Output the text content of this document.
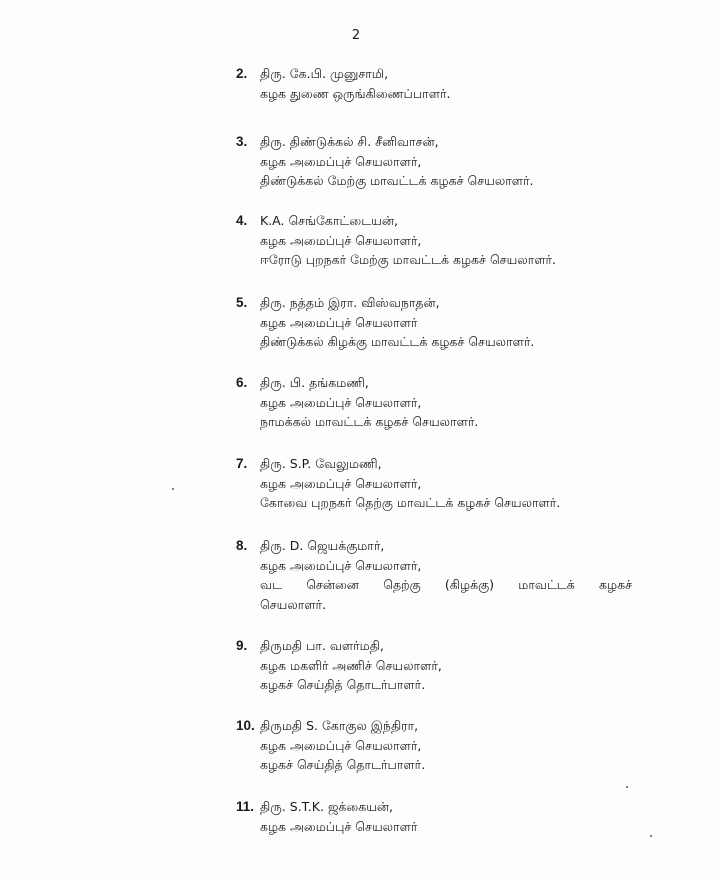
2
2. திரு. கே.பி. முனுசாமி,
கழக துணை ஒருங்கிணைப்பாளர்.
3. திரு. திண்டுக்கல் சி. சீனிவாசன்,
கழக அமைப்புச் செயலாளர்,
திண்டுக்கல் மேற்கு மாவட்டக் கழகச் செயலாளர்.
4. K.A. செங்கோட்டையன்,
கழக அமைப்புச் செயலாளர்,
ஈரோடு புறநகர் மேற்கு மாவட்டக் கழகச் செயலாளர்.
5. திரு. நத்தம் இரா. விஸ்வநாதன்,
கழக அமைப்புச் செயலாளர்
திண்டுக்கல் கிழக்கு மாவட்டக் கழகச் செயலாளர்.
6. திரு. பி. தங்கமணி,
கழக அமைப்புச் செயலாளர்,
நாமக்கல் மாவட்டக் கழகச் செயலாளர்.
7. திரு. S.P. வேலுமணி,
கழக அமைப்புச் செயலாளர்,
கோவை புறநகர் தெற்கு மாவட்டக் கழகச் செயலாளர்.
8. திரு. D. ஜெயக்குமார்,
கழக அமைப்புச் செயலாளர்,
வட சென்னை தெற்கு (கிழக்கு) மாவட்டக் கழகச்
செயலாளர்.
9. திருமதி பா. வளர்மதி,
கழக மகளிர் அணிச் செயலாளர்,
கழகச் செய்தித் தொடர்பாளர்.
10. திருமதி S. கோகுல இந்திரா,
கழக அமைப்புச் செயலாளர்,
கழகச் செய்தித் தொடர்பாளர்.
11. திரு. S.T.K. ஜக்கையன்,
கழக அமைப்புச் செயலாளர்
